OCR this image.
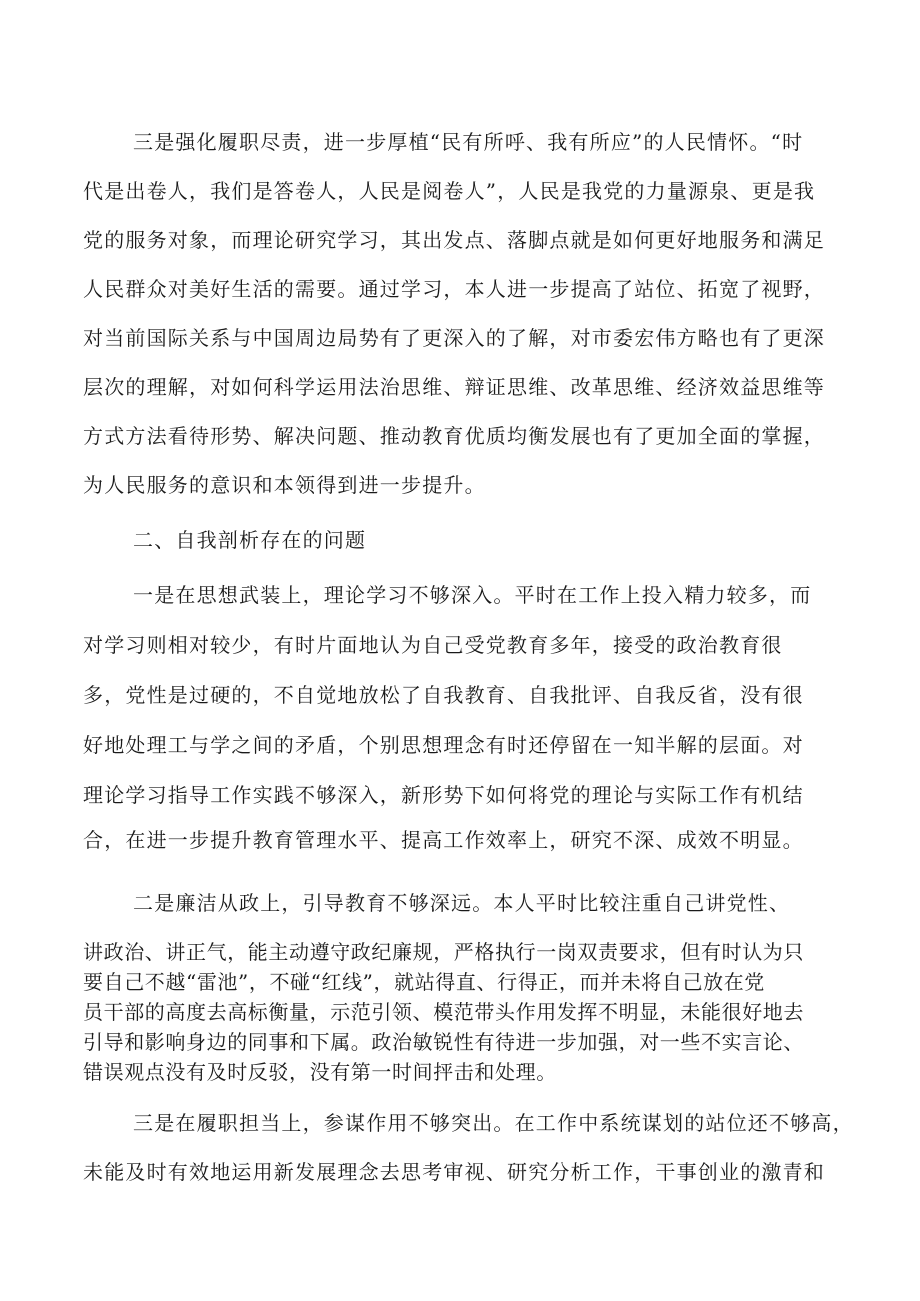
三是强化履职尽责，进一步厚植“民有所呼、我有所应”的人民情怀。“时
代是出卷人，我们是答卷人，人民是阅卷人”，人民是我党的力量源泉、更是我
党的服务对象，而理论研究学习，其出发点、落脚点就是如何更好地服务和满足
人民群众对美好生活的需要。通过学习，本人进一步提高了站位、拓宽了视野，
对当前国际关系与中国周边局势有了更深入的了解，对市委宏伟方略也有了更深
层次的理解，对如何科学运用法治思维、辩证思维、改革思维、经济效益思维等
方式方法看待形势、解决问题、推动教育优质均衡发展也有了更加全面的掌握，
为人民服务的意识和本领得到进一步提升。
二、自我剖析存在的问题
一是在思想武装上，理论学习不够深入。平时在工作上投入精力较多，而
对学习则相对较少，有时片面地认为自己受党教育多年，接受的政治教育很
多，党性是过硬的，不自觉地放松了自我教育、自我批评、自我反省，没有很
好地处理工与学之间的矛盾，个别思想理念有时还停留在一知半解的层面。对
理论学习指导工作实践不够深入，新形势下如何将党的理论与实际工作有机结
合，在进一步提升教育管理水平、提高工作效率上，研究不深、成效不明显。
二是廉洁从政上，引导教育不够深远。本人平时比较注重自己讲党性、
讲政治、讲正气，能主动遵守政纪廉规，严格执行一岗双责要求，但有时认为只
要自己不越“雷池”，不碰“红线”，就站得直、行得正，而并未将自己放在党
员干部的高度去高标衡量，示范引领、模范带头作用发挥不明显，未能很好地去
引导和影响身边的同事和下属。政治敏锐性有待进一步加强，对一些不实言论、
错误观点没有及时反驳，没有第一时间抨击和处理。
三是在履职担当上，参谋作用不够突出。在工作中系统谋划的站位还不够高，
未能及时有效地运用新发展理念去思考审视、研究分析工作，干事创业的激青和
